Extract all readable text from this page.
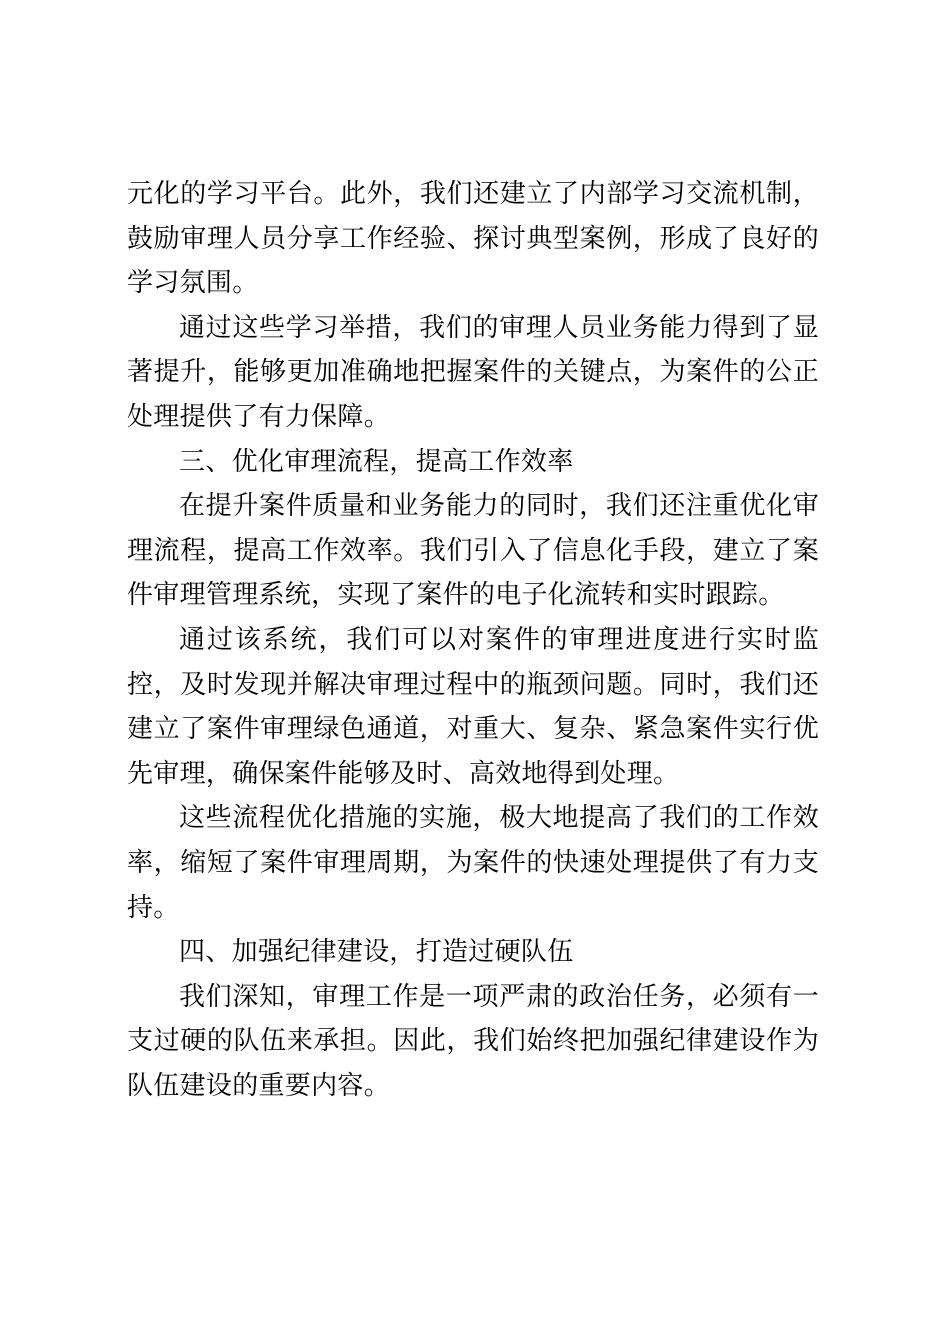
元化的学习平台。此外，我们还建立了内部学习交流机制，鼓励审理人员分享工作经验、探讨典型案例，形成了良好的学习氛围。

通过这些学习举措，我们的审理人员业务能力得到了显著提升，能够更加准确地把握案件的关键点，为案件的公正处理提供了有力保障。

三、优化审理流程，提高工作效率

在提升案件质量和业务能力的同时，我们还注重优化审理流程，提高工作效率。我们引入了信息化手段，建立了案件审理管理系统，实现了案件的电子化流转和实时跟踪。

通过该系统，我们可以对案件的审理进度进行实时监控，及时发现并解决审理过程中的瓶颈问题。同时，我们还建立了案件审理绿色通道，对重大、复杂、紧急案件实行优先审理，确保案件能够及时、高效地得到处理。

这些流程优化措施的实施，极大地提高了我们的工作效率，缩短了案件审理周期，为案件的快速处理提供了有力支持。

四、加强纪律建设，打造过硬队伍

我们深知，审理工作是一项严肃的政治任务，必须有一支过硬的队伍来承担。因此，我们始终把加强纪律建设作为队伍建设的重要内容。
